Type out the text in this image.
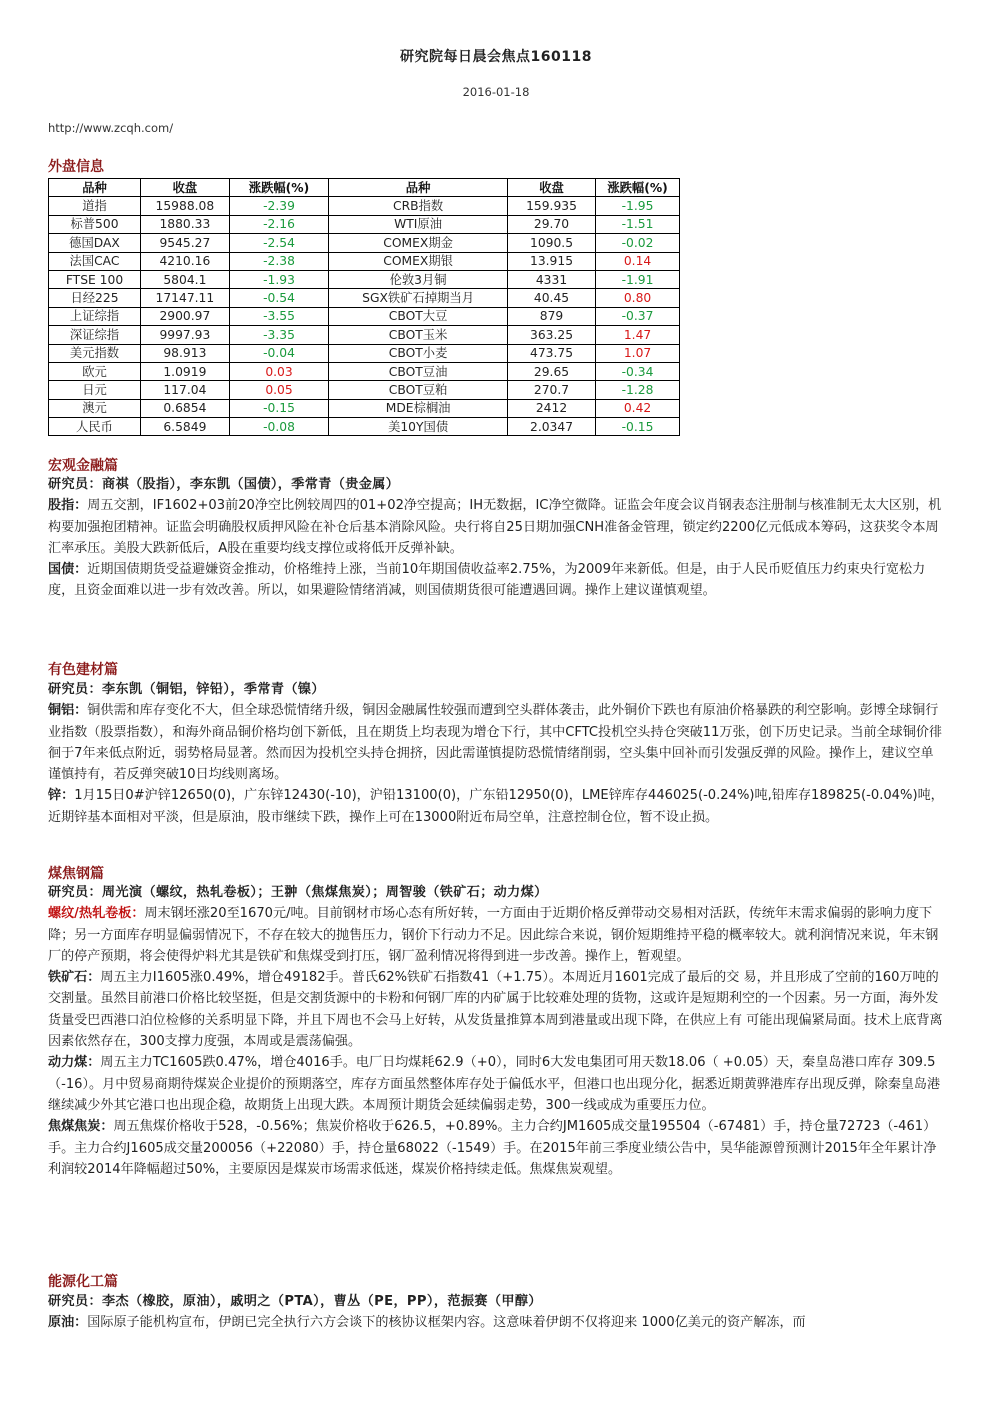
研究院每日晨会焦点160118
2016-01-18
http://www.zcqh.com/
外盘信息
品种	收盘	涨跌幅(%)	品种	收盘	涨跌幅(%)
道指	15988.08	-2.39	CRB指数	159.935	-1.95
标普500	1880.33	-2.16	WTI原油	29.70	-1.51
德国DAX	9545.27	-2.54	COMEX期金	1090.5	-0.02
法国CAC	4210.16	-2.38	COMEX期银	13.915	0.14
FTSE 100	5804.1	-1.93	伦敦3月铜	4331	-1.91
日经225	17147.11	-0.54	SGX铁矿石掉期当月	40.45	0.80
上证综指	2900.97	-3.55	CBOT大豆	879	-0.37
深证综指	9997.93	-3.35	CBOT玉米	363.25	1.47
美元指数	98.913	-0.04	CBOT小麦	473.75	1.07
欧元	1.0919	0.03	CBOT豆油	29.65	-0.34
日元	117.04	0.05	CBOT豆粕	270.7	-1.28
澳元	0.6854	-0.15	MDE棕榈油	2412	0.42
人民币	6.5849	-0.08	美10Y国债	2.0347	-0.15
宏观金融篇

研究员：商祺（股指），李东凯（国债），季常青（贵金属）

股指：周五交割，IF1602+03前20净空比例较周四的01+02净空提高；IH无数据，IC净空微降。证监会年度会议肖钢表态注册制与核准制无太大区别，机构要加强抱团精神。证监会明确股权质押风险在补仓后基本消除风险。央行将自25日期加强CNH准备金管理，锁定约2200亿元低成本筹码，这获奖令本周汇率承压。美股大跌新低后，A股在重要均线支撑位或将低开反弹补缺。

国债：近期国债期货受益避嫌资金推动，价格维持上涨，当前10年期国债收益率2.75%，为2009年来新低。但是，由于人民币贬值压力约束央行宽松力度，且资金面难以进一步有效改善。所以，如果避险情绪消减，则国债期货很可能遭遇回调。操作上建议谨慎观望。

有色建材篇

研究员：李东凯（铜铝，锌铅），季常青（镍）

铜铝：铜供需和库存变化不大，但全球恐慌情绪升级，铜因金融属性较强而遭到空头群体袭击，此外铜价下跌也有原油价格暴跌的利空影响。彭博全球铜行业指数（股票指数），和海外商品铜价格均创下新低，且在期货上均表现为增仓下行，其中CFTC投机空头持仓突破11万张，创下历史记录。当前全球铜价徘徊于7年来低点附近，弱势格局显著。然而因为投机空头持仓拥挤，因此需谨慎提防恐慌情绪削弱，空头集中回补而引发强反弹的风险。操作上，建议空单谨慎持有，若反弹突破10日均线则离场。

锌：1月15日0#沪锌12650(0)，广东锌12430(-10)，沪铅13100(0)，广东铅12950(0)，LME锌库存446025(-0.24%)吨,铅库存189825(-0.04%)吨，近期锌基本面相对平淡，但是原油，股市继续下跌，操作上可在13000附近布局空单，注意控制仓位，暂不设止损。

煤焦钢篇

研究员：周光演（螺纹，热轧卷板）；王翀（焦煤焦炭）；周智骏（铁矿石；动力煤）

螺纹/热轧卷板：周末钢坯涨20至1670元/吨。目前钢材市场心态有所好转，一方面由于近期价格反弹带动交易相对活跃，传统年末需求偏弱的影响力度下降；另一方面库存明显偏弱情况下，不存在较大的抛售压力，钢价下行动力不足。因此综合来说，钢价短期维持平稳的概率较大。就利润情况来说，年末钢厂的停产预期，将会使得炉料尤其是铁矿和焦煤受到打压，钢厂盈利情况将得到进一步改善。操作上，暂观望。

铁矿石：周五主力I1605涨0.49%，增仓49182手。普氏62%铁矿石指数41（+1.75）。本周近月1601完成了最后的交 易，并且形成了空前的160万吨的交割量。虽然目前港口价格比较坚挺，但是交割货源中的卡粉和何钢厂库的内矿属于比较难处理的货物，这或许是短期利空的一个因素。另一方面，海外发货量受巴西港口泊位检修的关系明显下降，并且下周也不会马上好转，从发货量推算本周到港量或出现下降，在供应上有 可能出现偏紧局面。技术上底背离因素依然存在，300支撑力度强，本周或是震荡偏强。

动力煤：周五主力TC1605跌0.47%，增仓4016手。电厂日均煤耗62.9（+0），同时6大发电集团可用天数18.06（ +0.05）天，秦皇岛港口库存 309.5（-16）。月中贸易商期待煤炭企业提价的预期落空，库存方面虽然整体库存处于偏低水平，但港口也出现分化，据悉近期黄骅港库存出现反弹，除秦皇岛港继续减少外其它港口也出现企稳，故期货上出现大跌。本周预计期货会延续偏弱走势，300一线或成为重要压力位。

焦煤焦炭：周五焦煤价格收于528，-0.56%；焦炭价格收于626.5，+0.89%。主力合约JM1605成交量195504（-67481）手，持仓量72723（-461）手。主力合约J1605成交量200056（+22080）手，持仓量68022（-1549）手。在2015年前三季度业绩公告中，昊华能源曾预测计2015年全年累计净利润较2014年降幅超过50%，主要原因是煤炭市场需求低迷，煤炭价格持续走低。焦煤焦炭观望。

能源化工篇

研究员：李杰（橡胶，原油），戚明之（PTA），曹丛（PE，PP），范振赛（甲醇）

原油：国际原子能机构宣布，伊朗已完全执行六方会谈下的核协议框架内容。这意味着伊朗不仅将迎来 1000亿美元的资产解冻，而
